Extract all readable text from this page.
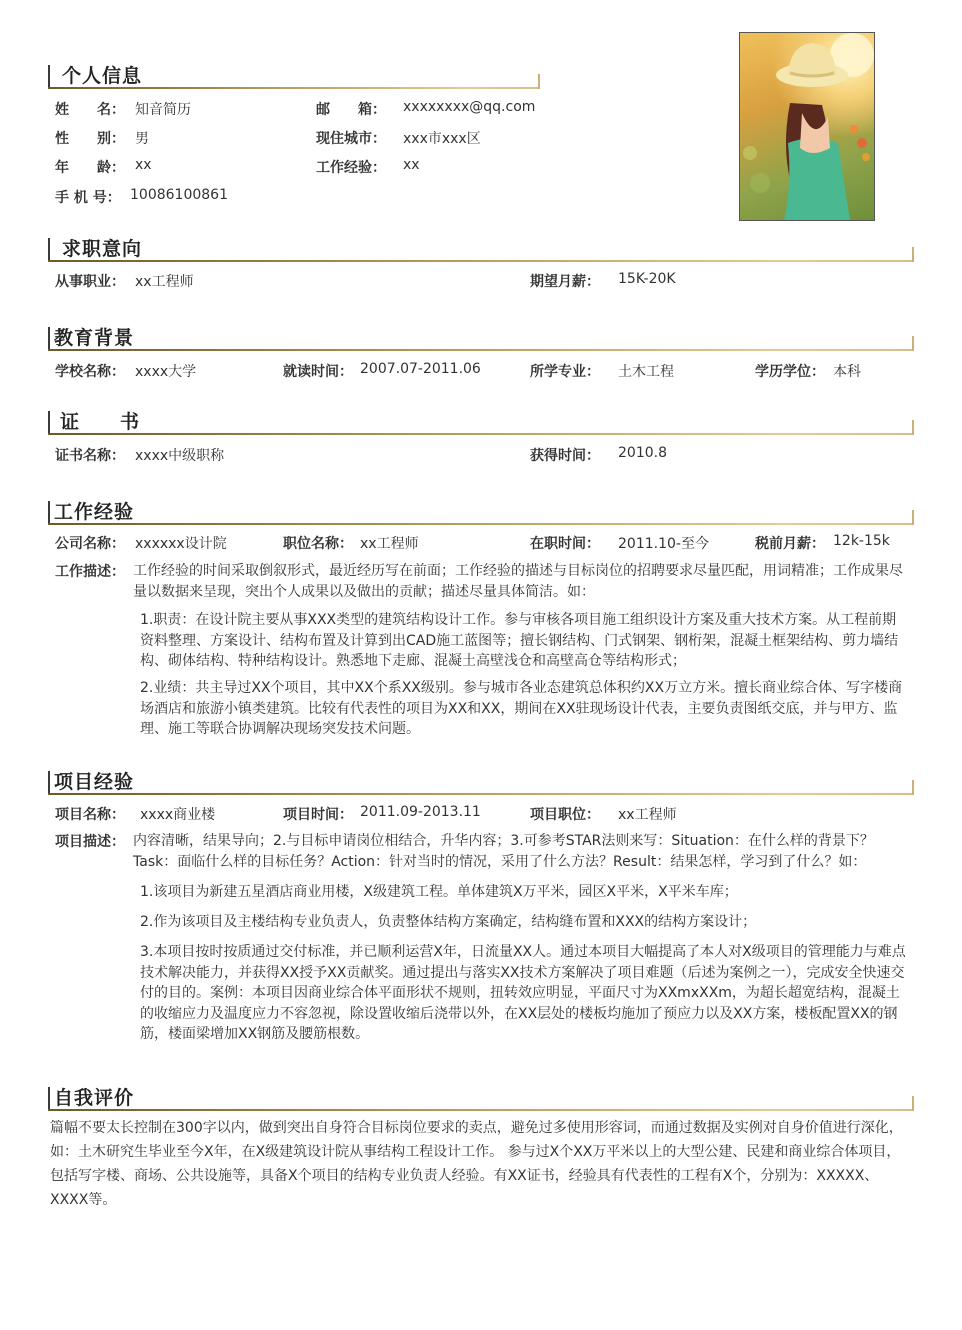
个人信息
姓　　名： 知音简历
性　　别： 男
年　　龄： xx
手 机 号： 10086100861
邮　　箱： xxxxxxxx@qq.com
现住城市： xxx市xxx区
工作经验： xx
求职意向
从事职业： xx工程师	期望月薪： 15K-20K
教育背景
学校名称： xxxx大学	就读时间： 2007.07-2011.06	所学专业： 土木工程	学历学位： 本科
证　　书
证书名称： xxxx中级职称	获得时间： 2010.8
工作经验
公司名称： xxxxxx设计院	职位名称： xx工程师	在职时间： 2011.10-至今	税前月薪： 12k-15k
工作描述： 工作经验的时间采取倒叙形式，最近经历写在前面；工作经验的描述与目标岗位的招聘要求尽量匹配，用词精准；工作成果尽量以数据来呈现，突出个人成果以及做出的贡献；描述尽量具体简洁。如：
1.职责：在设计院主要从事XXX类型的建筑结构设计工作。参与审核各项目施工组织设计方案及重大技术方案。从工程前期资料整理、方案设计、结构布置及计算到出CAD施工蓝图等；擅长钢结构、门式钢架、钢桁架，混凝土框架结构、剪力墙结构、砌体结构、特种结构设计。熟悉地下走廊、混凝土高壁浅仓和高壁高仓等结构形式；
2.业绩：共主导过XX个项目，其中XX个系XX级别。参与城市各业态建筑总体积约XX万立方米。擅长商业综合体、写字楼商场酒店和旅游小镇类建筑。比较有代表性的项目为XX和XX，期间在XX驻现场设计代表，主要负责图纸交底，并与甲方、监理、施工等联合协调解决现场突发技术问题。
项目经验
项目名称： xxxx商业楼	项目时间： 2011.09-2013.11	项目职位： xx工程师
项目描述： 内容清晰，结果导向；2.与目标申请岗位相结合，升华内容；3.可参考STAR法则来写：Situation：在什么样的背景下？Task：面临什么样的目标任务？Action：针对当时的情况，采用了什么方法？Result：结果怎样，学习到了什么？如：
1.该项目为新建五星酒店商业用楼，X级建筑工程。单体建筑X万平米，园区X平米，X平米车库；
2.作为该项目及主楼结构专业负责人，负责整体结构方案确定，结构缝布置和XXX的结构方案设计；
3.本项目按时按质通过交付标准，并已顺利运营X年，日流量XX人。通过本项目大幅提高了本人对X级项目的管理能力与难点技术解决能力，并获得XX授予XX贡献奖。通过提出与落实XX技术方案解决了项目难题（后述为案例之一），完成安全快速交付的目的。案例：本项目因商业综合体平面形状不规则，扭转效应明显，平面尺寸为XXmxXXm，为超长超宽结构，混凝土的收缩应力及温度应力不容忽视，除设置收缩后浇带以外，在XX层处的楼板均施加了预应力以及XX方案，楼板配置XX的钢筋，楼面梁增加XX钢筋及腰筋根数。
自我评价
篇幅不要太长控制在300字以内，做到突出自身符合目标岗位要求的卖点，避免过多使用形容词，而通过数据及实例对自身价值进行深化，如：土木研究生毕业至今X年，在X级建筑设计院从事结构工程设计工作。 参与过X个XX万平米以上的大型公建、民建和商业综合体项目，包括写字楼、商场、公共设施等，具备X个项目的结构专业负责人经验。有XX证书，经验具有代表性的工程有X个，分别为：XXXXX、XXXX等。
